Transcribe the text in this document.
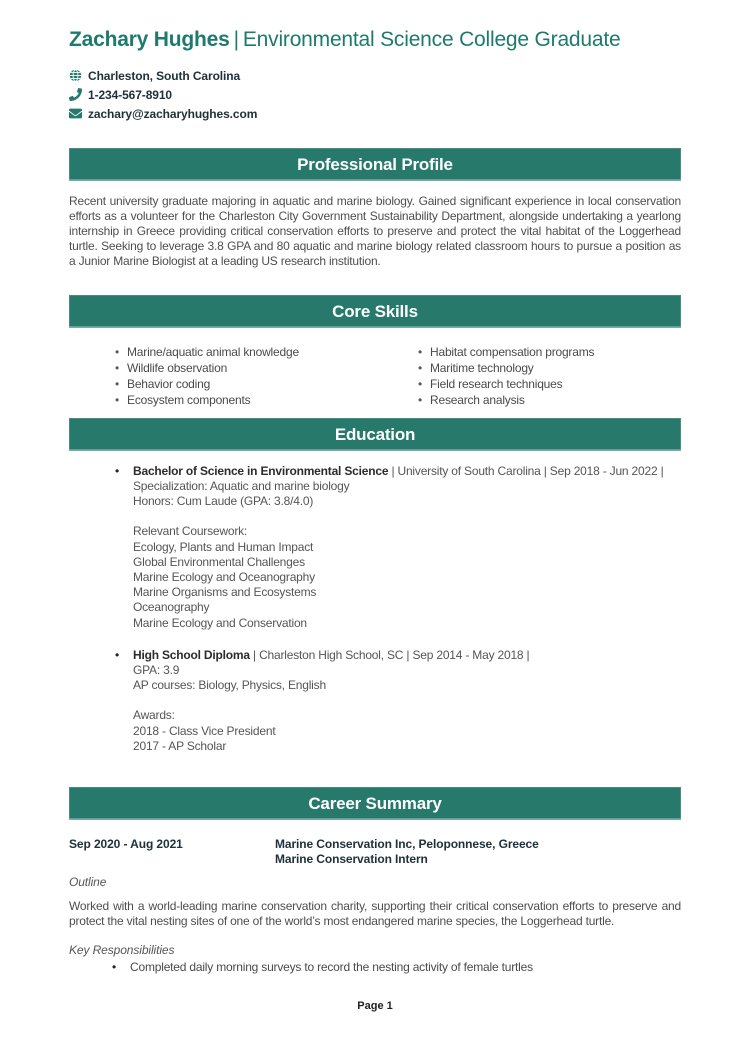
Zachary Hughes | Environmental Science College Graduate
Charleston, South Carolina
1-234-567-8910
zachary@zacharyhughes.com
Professional Profile

Recent university graduate majoring in aquatic and marine biology. Gained significant experience in local conservation efforts as a volunteer for the Charleston City Government Sustainability Department, alongside undertaking a yearlong internship in Greece providing critical conservation efforts to preserve and protect the vital habitat of the Loggerhead turtle. Seeking to leverage 3.8 GPA and 80 aquatic and marine biology related classroom hours to pursue a position as a Junior Marine Biologist at a leading US research institution.

Core Skills
• Marine/aquatic animal knowledge
• Wildlife observation
• Behavior coding
• Ecosystem components
• Habitat compensation programs
• Maritime technology
• Field research techniques
• Research analysis
Education
•	Bachelor of Science in Environmental Science | University of South Carolina | Sep 2018 - Jun 2022 |

Specialization: Aquatic and marine biology

Honors: Cum Laude (GPA: 3.8/4.0)

Relevant Coursework:

Ecology, Plants and Human Impact

Global Environmental Challenges

Marine Ecology and Oceanography

Marine Organisms and Ecosystems

Oceanography

Marine Ecology and Conservation

•	High School Diploma | Charleston High School, SC | Sep 2014 - May 2018 |

GPA: 3.9

AP courses: Biology, Physics, English

Awards:

2018 - Class Vice President

2017 - AP Scholar

Career Summary
Sep 2020 - Aug 2021	Marine Conservation Inc, Peloponnese, Greece

Marine Conservation Intern

Outline

Worked with a world-leading marine conservation charity, supporting their critical conservation efforts to preserve and protect the vital nesting sites of one of the world’s most endangered marine species, the Loggerhead turtle.

Key Responsibilities

• Completed daily morning surveys to record the nesting activity of female turtles
Page 1
